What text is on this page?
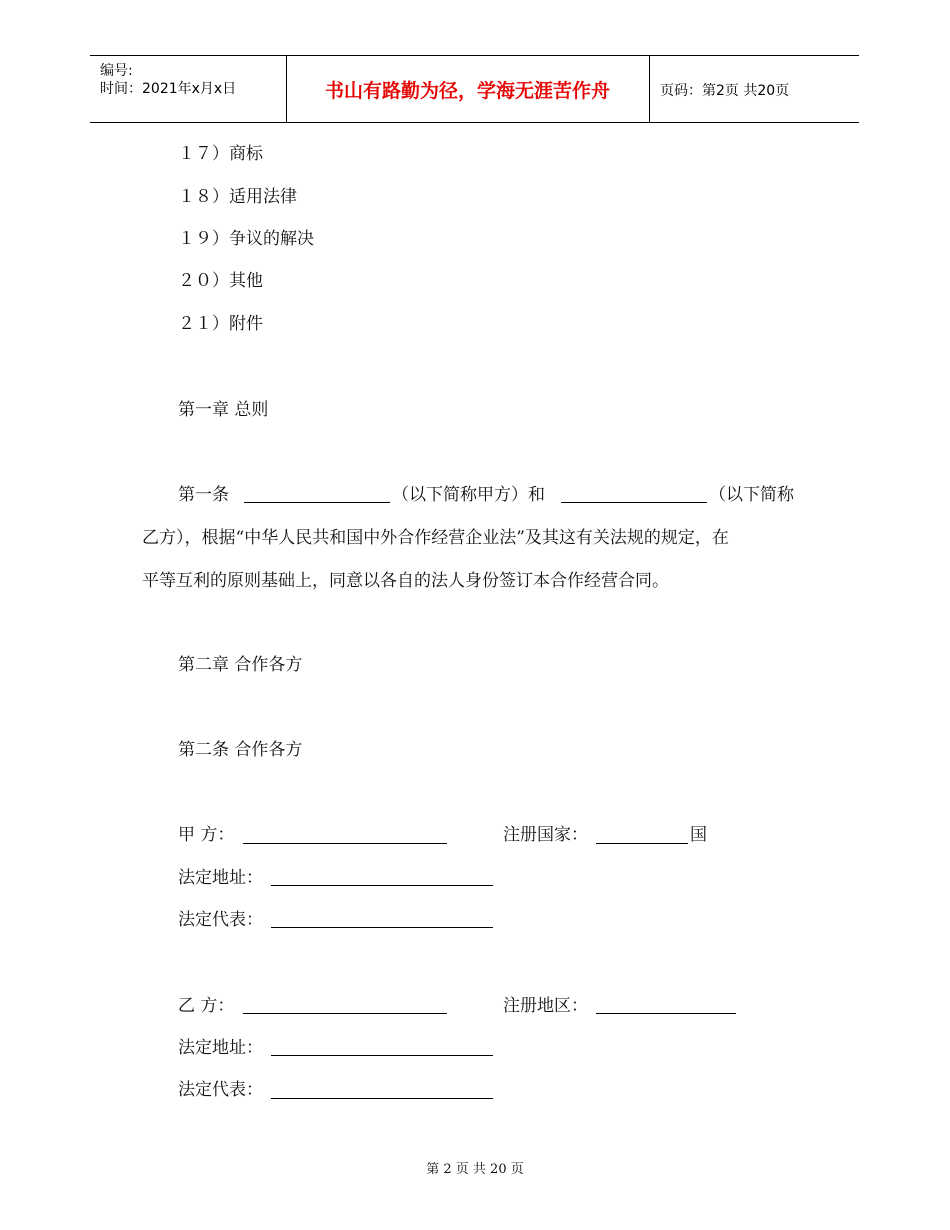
编号:
时间：2021年x月x日	书山有路勤为径，学海无涯苦作舟	页码：第2页 共20页
１７）商标
１８）适用法律
１９）争议的解决
２０）其他
２１）附件
第一章 总则
第一条	（以下简称甲方）和	（以下简称
乙方），根据“中华人民共和国中外合作经营企业法”及其这有关法规的规定，在
平等互利的原则基础上，同意以各自的法人身份签订本合作经营合同。
第二章 合作各方
第二条 合作各方
甲 方：	注册国家：	国
法定地址：
法定代表：
乙 方：	注册地区：
法定地址：
法定代表：
第 2 页 共 20 页
